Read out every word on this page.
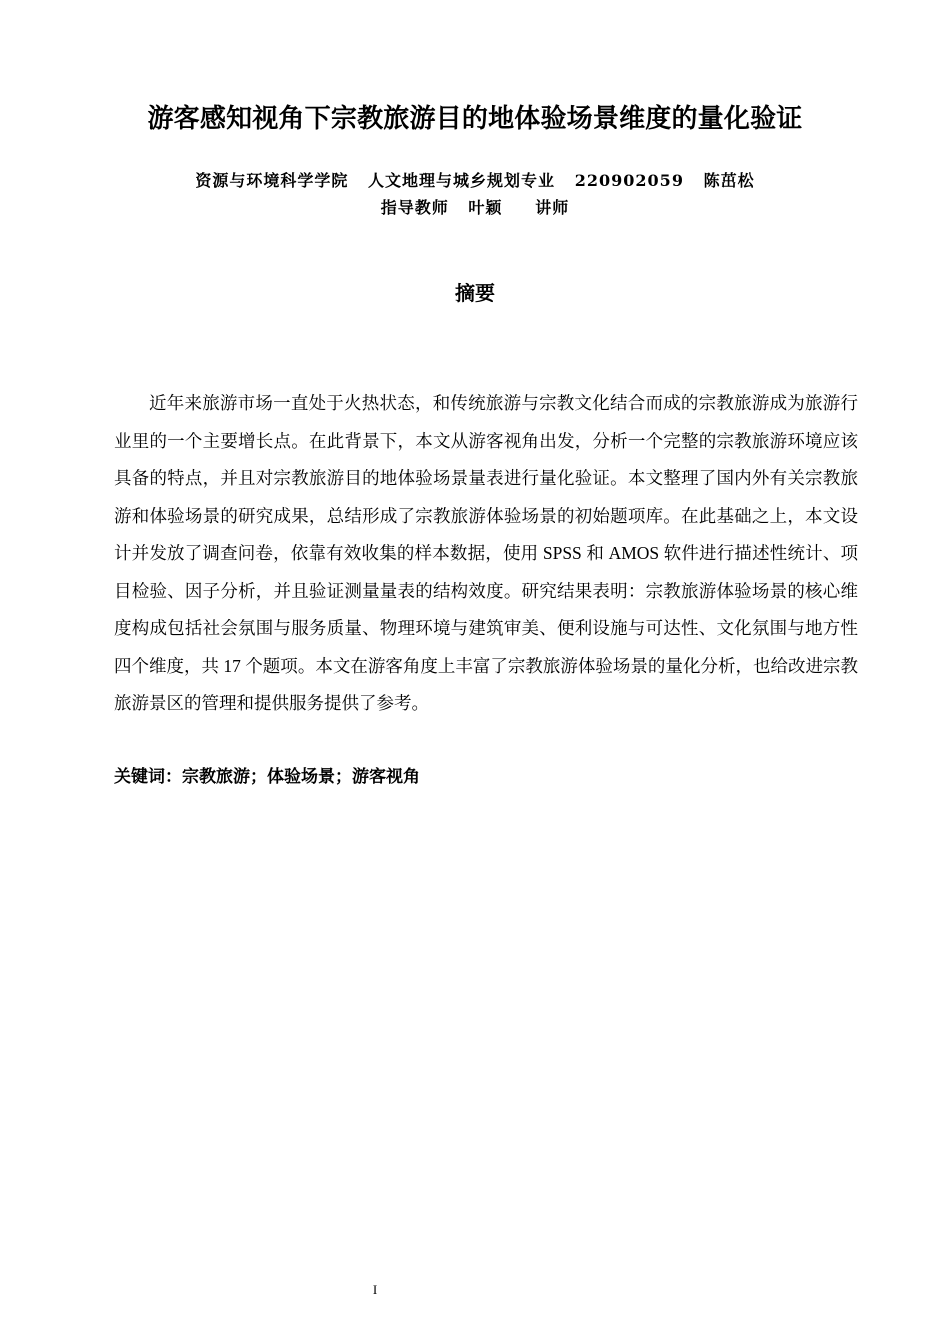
游客感知视角下宗教旅游目的地体验场景维度的量化验证
资源与环境科学学院   人文地理与城乡规划专业   220902059   陈茁松
指导教师   叶颖     讲师
摘要

近年来旅游市场一直处于火热状态，和传统旅游与宗教文化结合而成的宗教旅游成为旅游行业里的一个主要增长点。在此背景下，本文从游客视角出发，分析一个完整的宗教旅游环境应该具备的特点，并且对宗教旅游目的地体验场景量表进行量化验证。本文整理了国内外有关宗教旅游和体验场景的研究成果，总结形成了宗教旅游体验场景的初始题项库。在此基础之上，本文设计并发放了调查问卷，依靠有效收集的样本数据，使用 SPSS 和 AMOS 软件进行描述性统计、项目检验、因子分析，并且验证测量量表的结构效度。研究结果表明：宗教旅游体验场景的核心维度构成包括社会氛围与服务质量、物理环境与建筑审美、便利设施与可达性、文化氛围与地方性四个维度，共 17 个题项。本文在游客角度上丰富了宗教旅游体验场景的量化分析，也给改进宗教旅游景区的管理和提供服务提供了参考。

关键词：宗教旅游；体验场景；游客视角

I
